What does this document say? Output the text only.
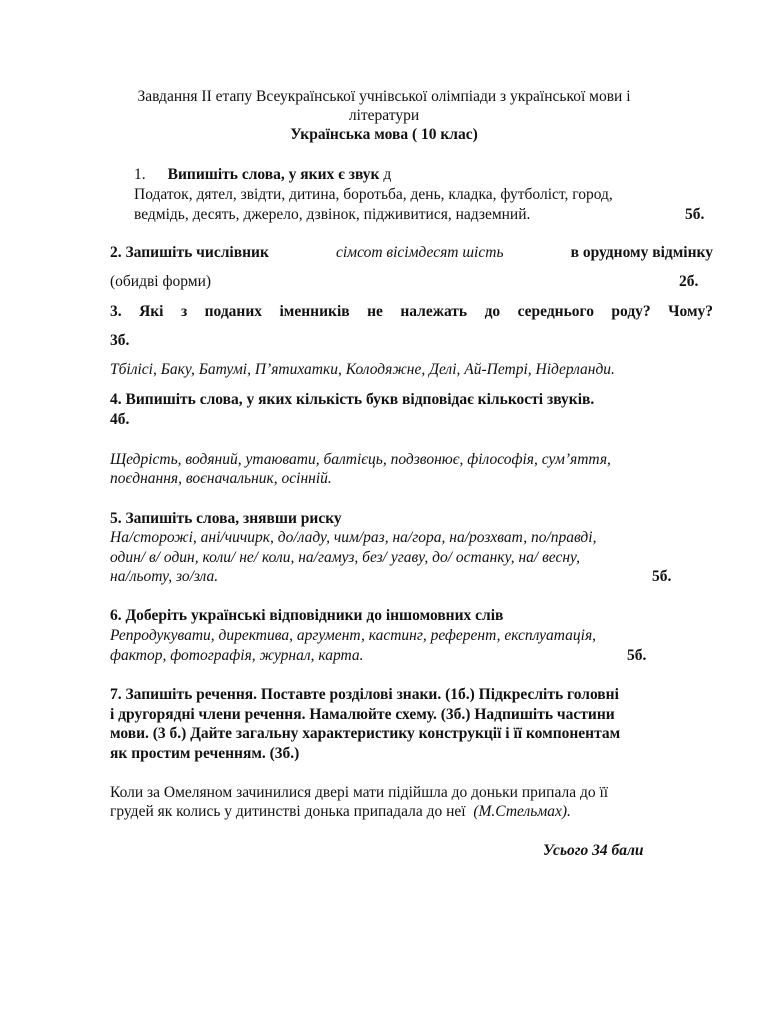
Завдання ІІ етапу Всеукраїнської учнівської олімпіади з української мови і
літератури
Українська мова ( 10 клас)
1. Випишіть слова, у яких є звук д
Податок, дятел, звідти, дитина, боротьба, день, кладка, футболіст, город,
ведмідь, десять, джерело, дзвінок, підживитися, надземний.	5б.
2. Запишіть числівник	сімсот вісімдесят шість	в орудному відмінку
(обидві форми)	2б.
3. Які з поданих іменників не належать до середнього роду? Чому?
3б.
Тбілісі, Баку, Батумі, П’ятихатки, Колодяжне, Делі, Ай-Петрі, Нідерланди.
4. Випишіть слова, у яких кількість букв відповідає кількості звуків.
4б.
Щедрість, водяний, утаювати, балтієць, подзвонює, філософія, сум’яття,
поєднання, воєначальник, осінній.
5. Запишіть слова, знявши риску
На/сторожі, ані/чичирк, до/ладу, чим/раз, на/гора, на/розхват, по/правді,
один/ в/ один, коли/ не/ коли, на/гамуз, без/ угаву, до/ останку, на/ весну,
на/льоту, зо/зла.	5б.
6. Доберіть українські відповідники до іншомовних слів
Репродукувати, директива, аргумент, кастинг, референт, експлуатація,
фактор, фотографія, журнал, карта.	5б.
7. Запишіть речення. Поставте розділові знаки. (1б.) Підкресліть головні
і другорядні члени речення. Намалюйте схему. (3б.) Надпишіть частини
мови. (3 б.) Дайте загальну характеристику конструкції і її компонентам
як простим реченням. (3б.)
Коли за Омеляном зачинилися двері мати підійшла до доньки припала до її
грудей як колись у дитинстві донька припадала до неї (М.Стельмах).
Усього 34 бали
